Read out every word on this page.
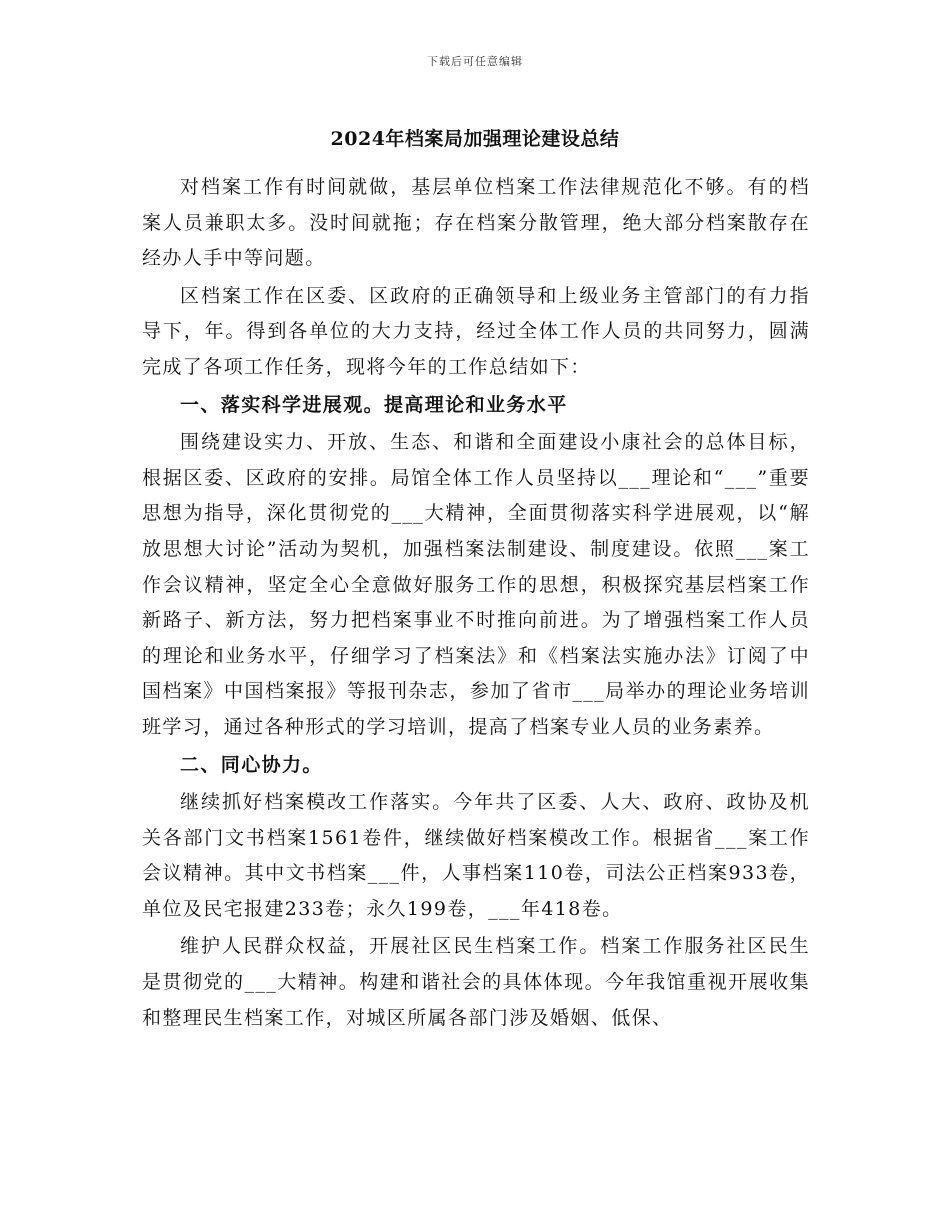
下载后可任意编辑
2024年档案局加强理论建设总结

对档案工作有时间就做，基层单位档案工作法律规范化不够。有的档案人员兼职太多。没时间就拖；存在档案分散管理，绝大部分档案散存在经办人手中等问题。

区档案工作在区委、区政府的正确领导和上级业务主管部门的有力指导下，年。得到各单位的大力支持，经过全体工作人员的共同努力，圆满完成了各项工作任务，现将今年的工作总结如下：

一、落实科学进展观。提高理论和业务水平

围绕建设实力、开放、生态、和谐和全面建设小康社会的总体目标，根据区委、区政府的安排。局馆全体工作人员坚持以___理论和“___”重要思想为指导，深化贯彻党的___大精神，全面贯彻落实科学进展观，以“解放思想大讨论”活动为契机，加强档案法制建设、制度建设。依照___案工作会议精神，坚定全心全意做好服务工作的思想，积极探究基层档案工作新路子、新方法，努力把档案事业不时推向前进。为了增强档案工作人员的理论和业务水平，仔细学习了档案法》和《档案法实施办法》订阅了中国档案》中国档案报》等报刊杂志，参加了省市___局举办的理论业务培训班学习，通过各种形式的学习培训，提高了档案专业人员的业务素养。

二、同心协力。

继续抓好档案模改工作落实。今年共了区委、人大、政府、政协及机关各部门文书档案1561卷件，继续做好档案模改工作。根据省___案工作会议精神。其中文书档案___件，人事档案110卷，司法公正档案933卷，单位及民宅报建233卷；永久199卷，___年418卷。

维护人民群众权益，开展社区民生档案工作。档案工作服务社区民生是贯彻党的___大精神。构建和谐社会的具体体现。今年我馆重视开展收集和整理民生档案工作，对城区所属各部门涉及婚姻、低保、
